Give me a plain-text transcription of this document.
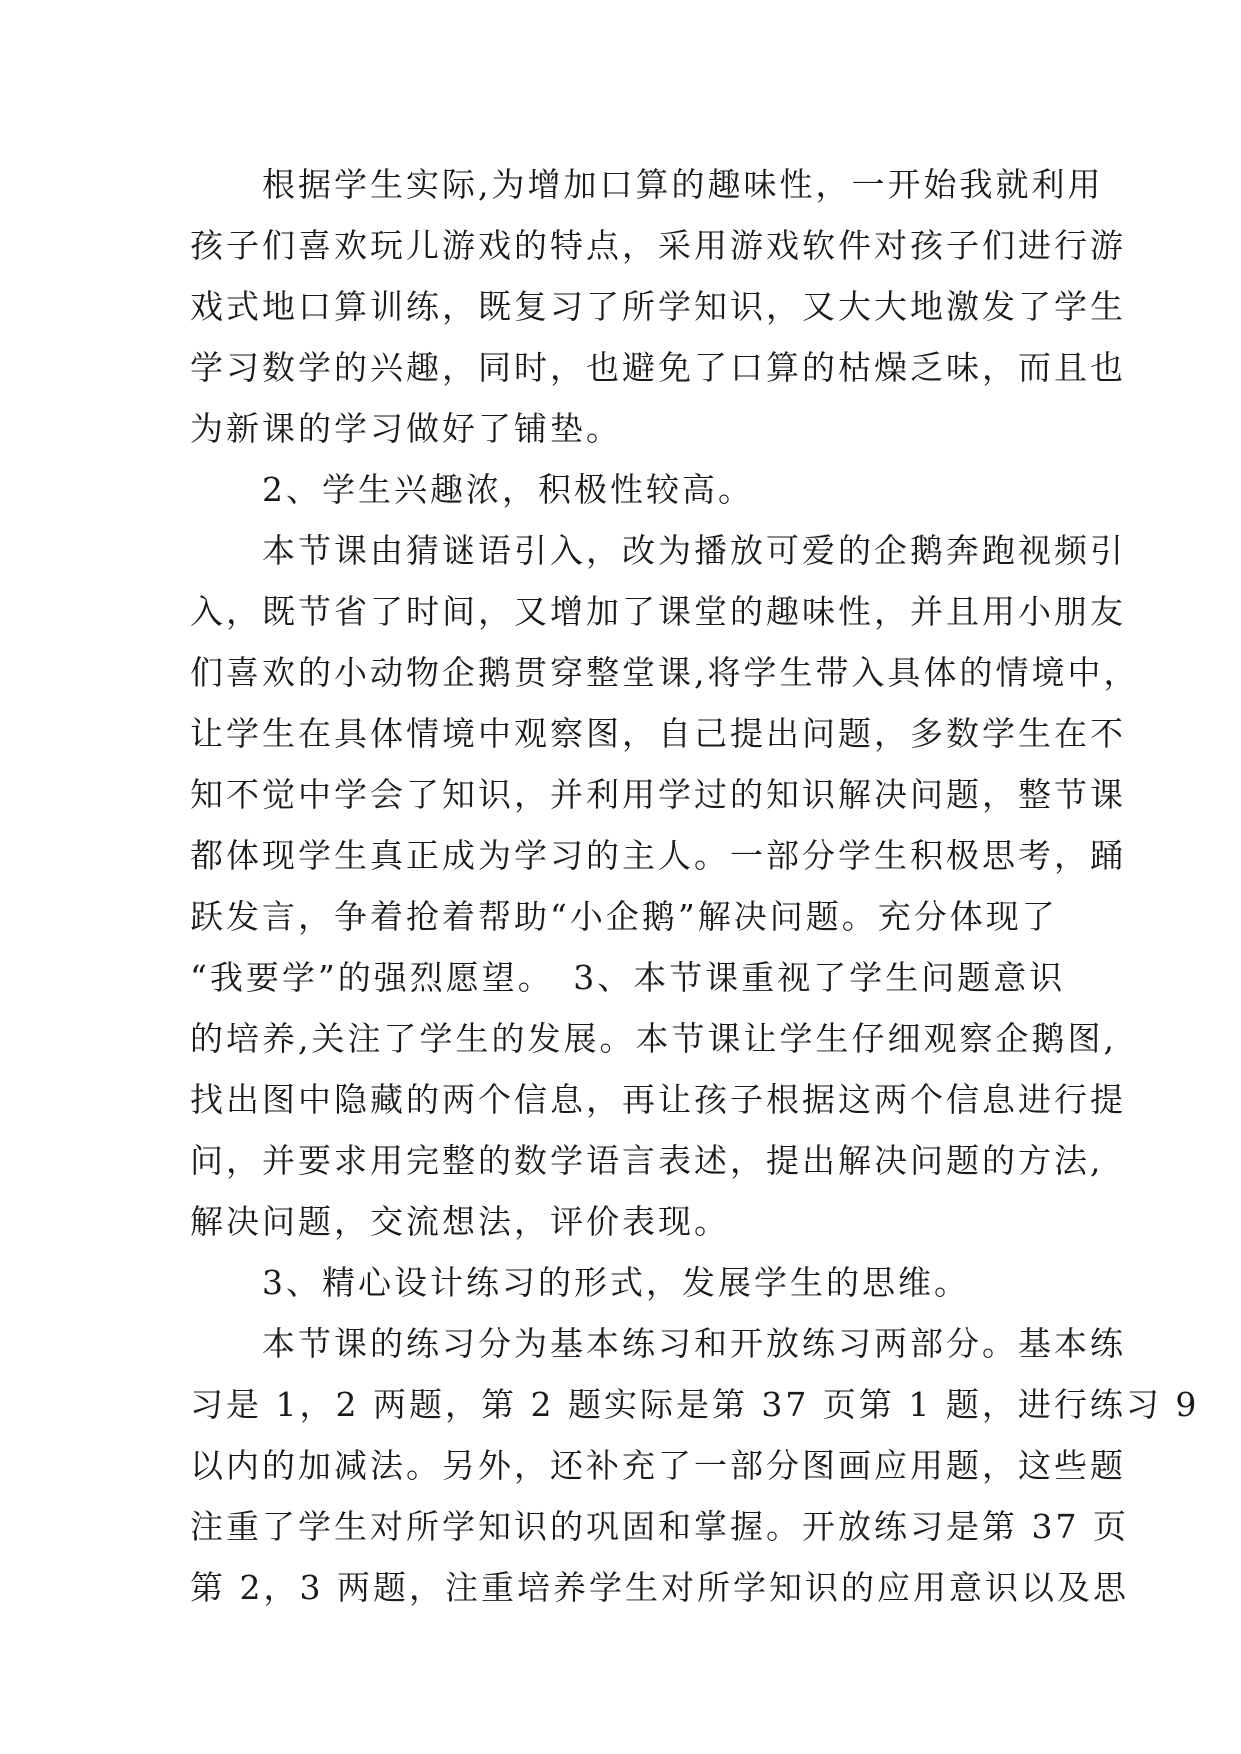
　　根据学生实际,为增加口算的趣味性，一开始我就利用
孩子们喜欢玩儿游戏的特点，采用游戏软件对孩子们进行游
戏式地口算训练，既复习了所学知识，又大大地激发了学生
学习数学的兴趣，同时，也避免了口算的枯燥乏味，而且也
为新课的学习做好了铺垫。
　　2、学生兴趣浓，积极性较高。
　　本节课由猜谜语引入，改为播放可爱的企鹅奔跑视频引
入，既节省了时间，又增加了课堂的趣味性，并且用小朋友
们喜欢的小动物企鹅贯穿整堂课,将学生带入具体的情境中，
让学生在具体情境中观察图，自己提出问题，多数学生在不
知不觉中学会了知识，并利用学过的知识解决问题，整节课
都体现学生真正成为学习的主人。一部分学生积极思考，踊
跃发言，争着抢着帮助“小企鹅”解决问题。充分体现了
“我要学”的强烈愿望。　3、本节课重视了学生问题意识
的培养,关注了学生的发展。本节课让学生仔细观察企鹅图,
找出图中隐藏的两个信息，再让孩子根据这两个信息进行提
问，并要求用完整的数学语言表述，提出解决问题的方法,
解决问题，交流想法，评价表现。
　　3、精心设计练习的形式，发展学生的思维。
　　本节课的练习分为基本练习和开放练习两部分。基本练
习是 1，2 两题，第 2 题实际是第 37 页第 1 题，进行练习 9
以内的加减法。另外，还补充了一部分图画应用题，这些题
注重了学生对所学知识的巩固和掌握。开放练习是第 37 页
第 2，3 两题，注重培养学生对所学知识的应用意识以及思
